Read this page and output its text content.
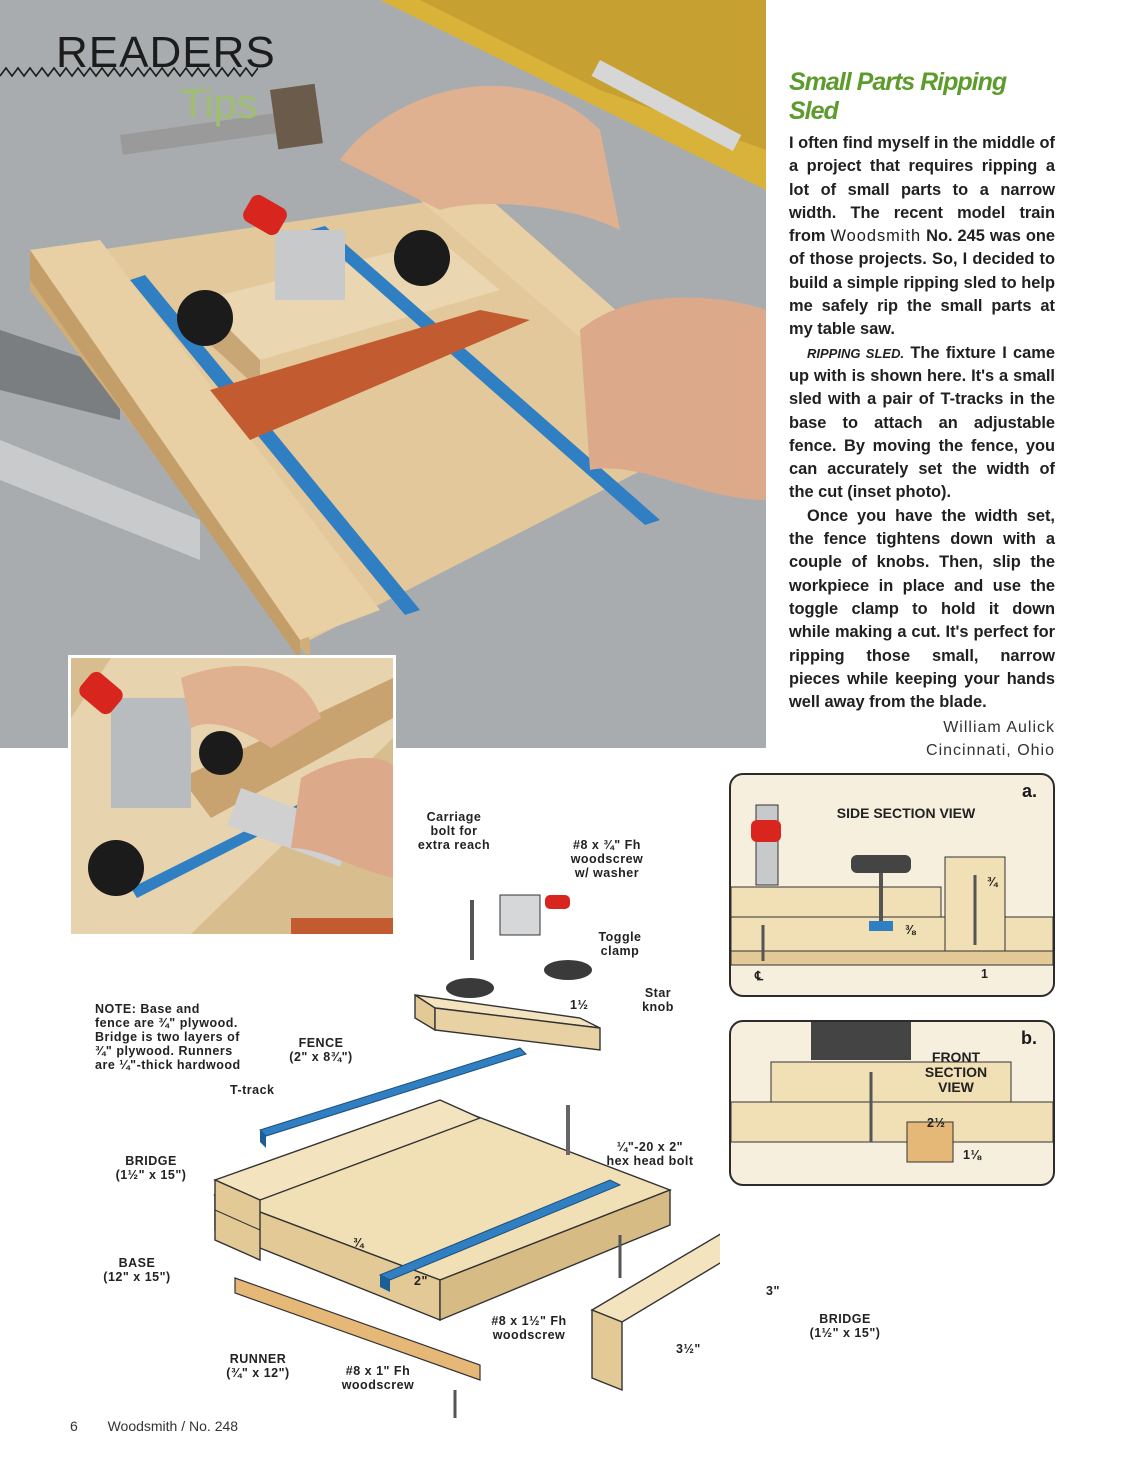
READERS
Tips	Small Parts Ripping Sled

I often find myself in the middle of a project that requires ripping a lot of small parts to a narrow width. The recent model train from Woodsmith No. 245 was one of those projects. So, I decided to build a simple ripping sled to help me safely rip the small parts at my table saw.

RIPPING SLED. The fixture I came up with is shown here. It's a small sled with a pair of T-tracks in the base to attach an adjustable fence. By moving the fence, you can accurately set the width of the cut (inset photo).

Once you have the width set, the fence tightens down with a couple of knobs. Then, slip the workpiece in place and use the toggle clamp to hold it down while making a cut. It's perfect for ripping those small, narrow pieces while keeping your hands well away from the blade.

William Aulick
Cincinnati, Ohio
Carriage
bolt for
extra reach	#8 x ¾" Fh
woodscrew
w/ washer
Toggle
clamp
Star
knob
1½
NOTE: Base and
fence are ¾" plywood.
Bridge is two layers of
¾" plywood. Runners
are ¼"-thick hardwood
FENCE
(2" x 8¾")
T-track
¼"-20 x 2"
hex head bolt
BRIDGE
(1½" x 15")
BASE
(12" x 15")
¾
2"
#8 x 1½" Fh
woodscrew
RUNNER
(¾" x 12")	#8 x 1" Fh
woodscrew
3"
3½"
BRIDGE
(1½" x 15")
a.
SIDE SECTION VIEW
¾
⅜
1
℄
b.
FRONT
SECTION
VIEW
2½
1⅛
6 Woodsmith / No. 248
